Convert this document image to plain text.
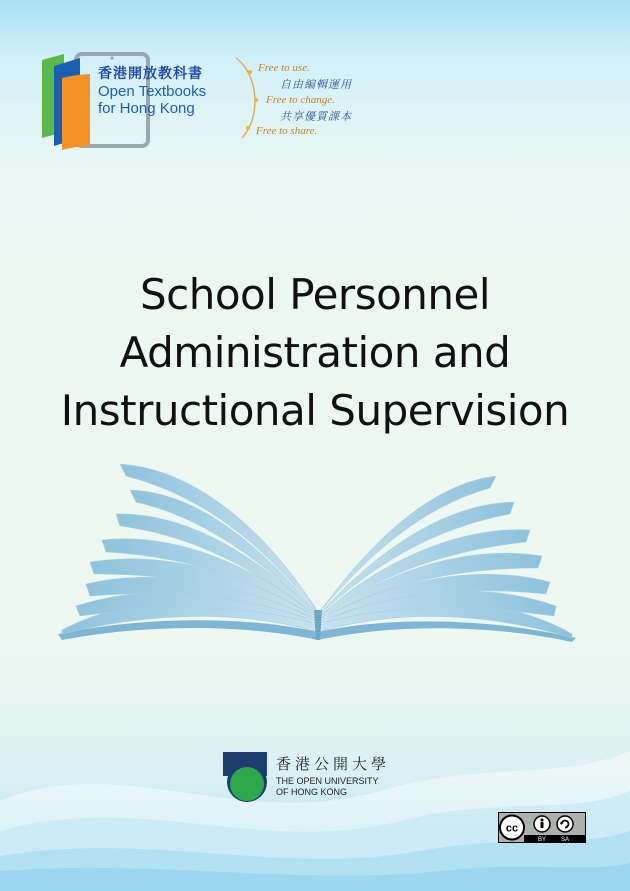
香港開放教科書
Open Textbooks
for Hong Kong
Free to use.
自由編輯運用
Free to change.
共享優質課本
Free to share.
School Personnel
Administration and
Instructional Supervision
香港公開大學
THE OPEN UNIVERSITY
OF HONG KONG
cc
BY SA
